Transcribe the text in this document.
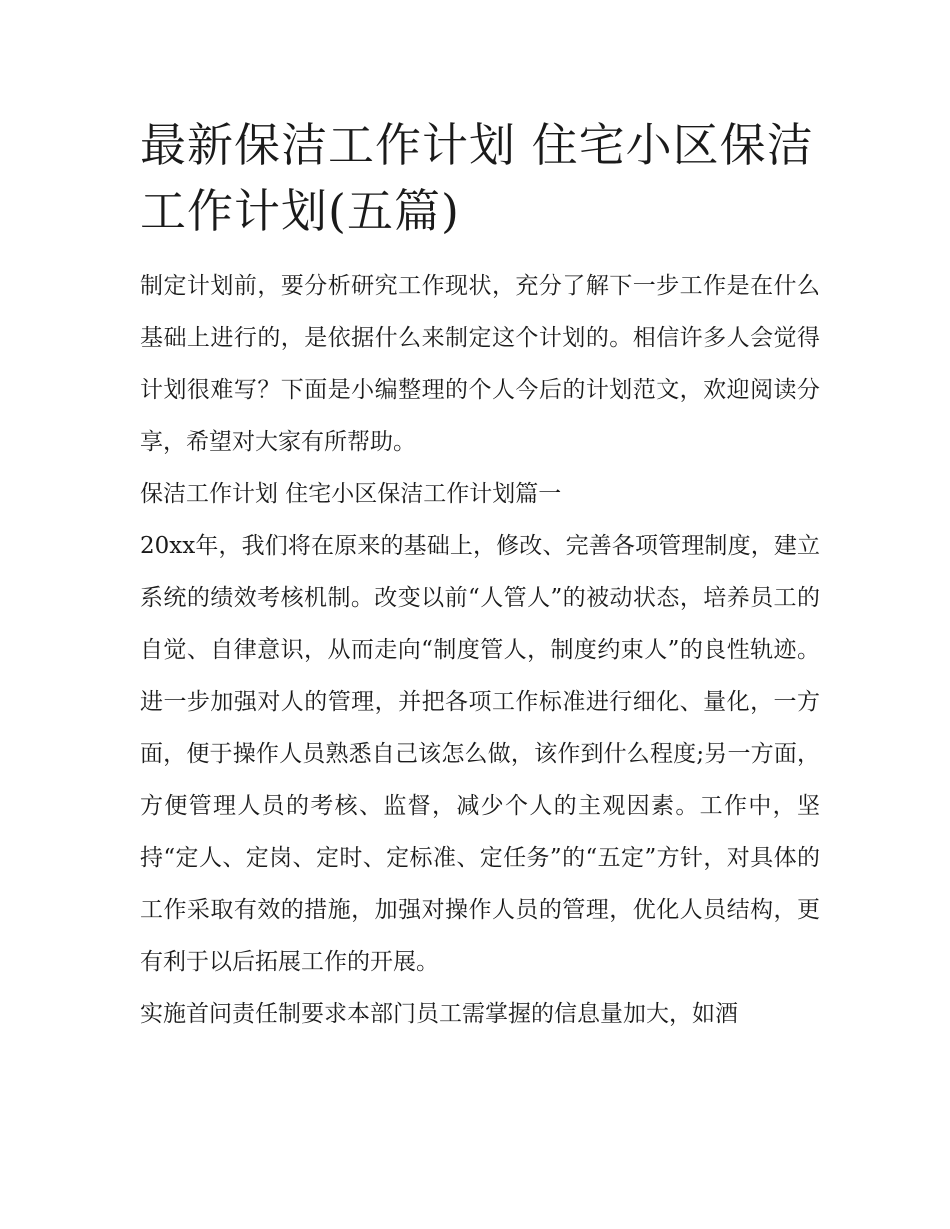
最新保洁工作计划 住宅小区保洁工作计划(五篇)

制定计划前，要分析研究工作现状，充分了解下一步工作是在什么基础上进行的，是依据什么来制定这个计划的。相信许多人会觉得计划很难写？下面是小编整理的个人今后的计划范文，欢迎阅读分享，希望对大家有所帮助。

保洁工作计划 住宅小区保洁工作计划篇一

20xx年，我们将在原来的基础上，修改、完善各项管理制度，建立系统的绩效考核机制。改变以前“人管人”的被动状态，培养员工的自觉、自律意识，从而走向“制度管人，制度约束人”的良性轨迹。进一步加强对人的管理，并把各项工作标准进行细化、量化，一方面，便于操作人员熟悉自己该怎么做，该作到什么程度;另一方面，方便管理人员的考核、监督，减少个人的主观因素。工作中，坚持“定人、定岗、定时、定标准、定任务”的“五定”方针，对具体的工作采取有效的措施，加强对操作人员的管理，优化人员结构，更有利于以后拓展工作的开展。

实施首问责任制要求本部门员工需掌握的信息量加大，如酒
